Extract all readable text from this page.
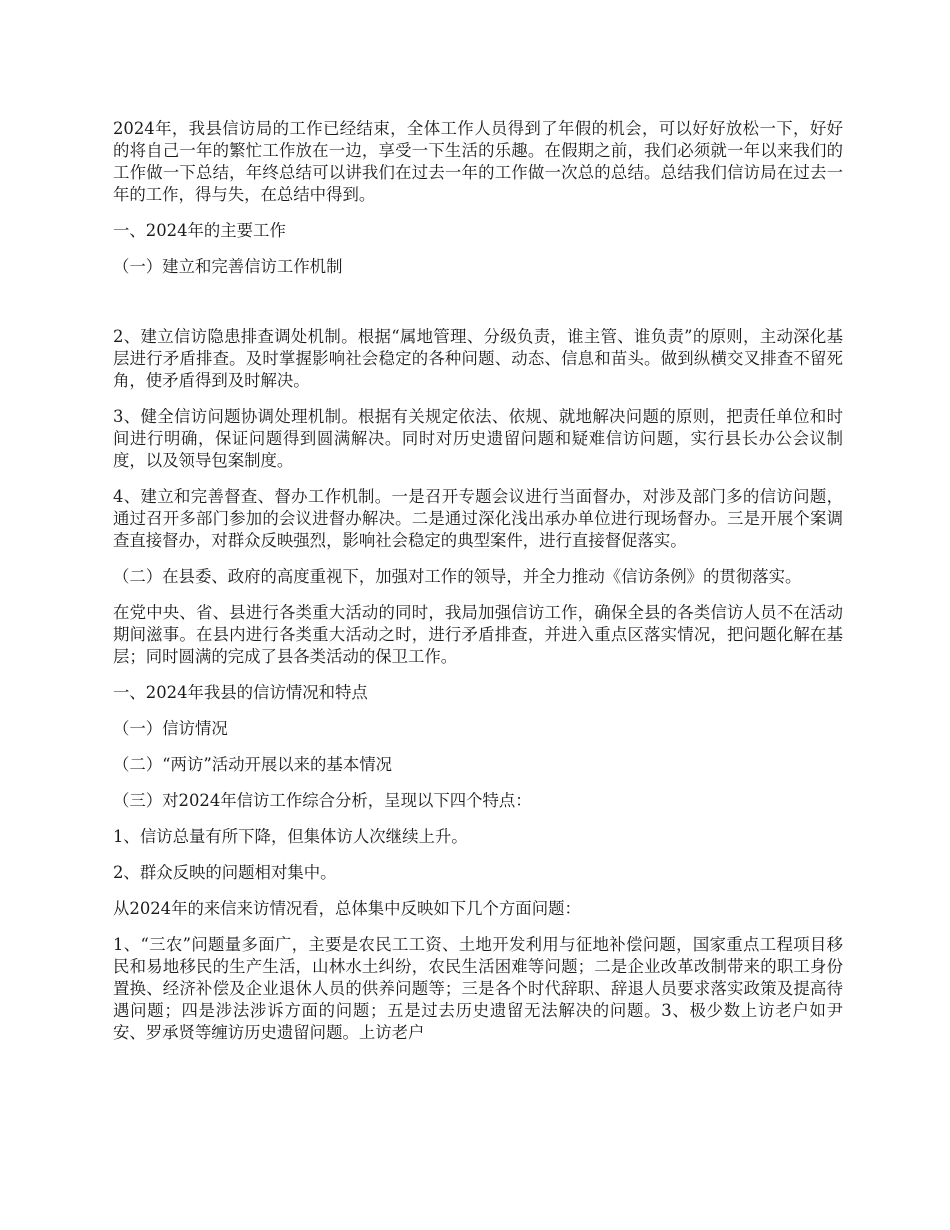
2024年，我县信访局的工作已经结束，全体工作人员得到了年假的机会，可以好好放松一下，好好的将自己一年的繁忙工作放在一边，享受一下生活的乐趣。在假期之前，我们必须就一年以来我们的工作做一下总结，年终总结可以讲我们在过去一年的工作做一次总的总结。总结我们信访局在过去一年的工作，得与失，在总结中得到。

一、2024年的主要工作

（一）建立和完善信访工作机制

2、建立信访隐患排查调处机制。根据“属地管理、分级负责，谁主管、谁负责”的原则，主动深化基层进行矛盾排查。及时掌握影响社会稳定的各种问题、动态、信息和苗头。做到纵横交叉排查不留死角，使矛盾得到及时解决。

3、健全信访问题协调处理机制。根据有关规定依法、依规、就地解决问题的原则，把责任单位和时间进行明确，保证问题得到圆满解决。同时对历史遗留问题和疑难信访问题，实行县长办公会议制度，以及领导包案制度。

4、建立和完善督查、督办工作机制。一是召开专题会议进行当面督办，对涉及部门多的信访问题，通过召开多部门参加的会议进督办解决。二是通过深化浅出承办单位进行现场督办。三是开展个案调查直接督办，对群众反映强烈，影响社会稳定的典型案件，进行直接督促落实。

（二）在县委、政府的高度重视下，加强对工作的领导，并全力推动《信访条例》的贯彻落实。

在党中央、省、县进行各类重大活动的同时，我局加强信访工作，确保全县的各类信访人员不在活动期间滋事。在县内进行各类重大活动之时，进行矛盾排查，并进入重点区落实情况，把问题化解在基层；同时圆满的完成了县各类活动的保卫工作。

一、2024年我县的信访情况和特点

（一）信访情况

（二）“两访”活动开展以来的基本情况

（三）对2024年信访工作综合分析，呈现以下四个特点：

1、信访总量有所下降，但集体访人次继续上升。

2、群众反映的问题相对集中。

从2024年的来信来访情况看，总体集中反映如下几个方面问题：

1、“三农”问题量多面广，主要是农民工工资、土地开发利用与征地补偿问题，国家重点工程项目移民和易地移民的生产生活，山林水土纠纷，农民生活困难等问题；二是企业改革改制带来的职工身份置换、经济补偿及企业退休人员的供养问题等；三是各个时代辞职、辞退人员要求落实政策及提高待遇问题；四是涉法涉诉方面的问题；五是过去历史遗留无法解决的问题。3、极少数上访老户如尹安、罗承贤等缠访历史遗留问题。上访老户
